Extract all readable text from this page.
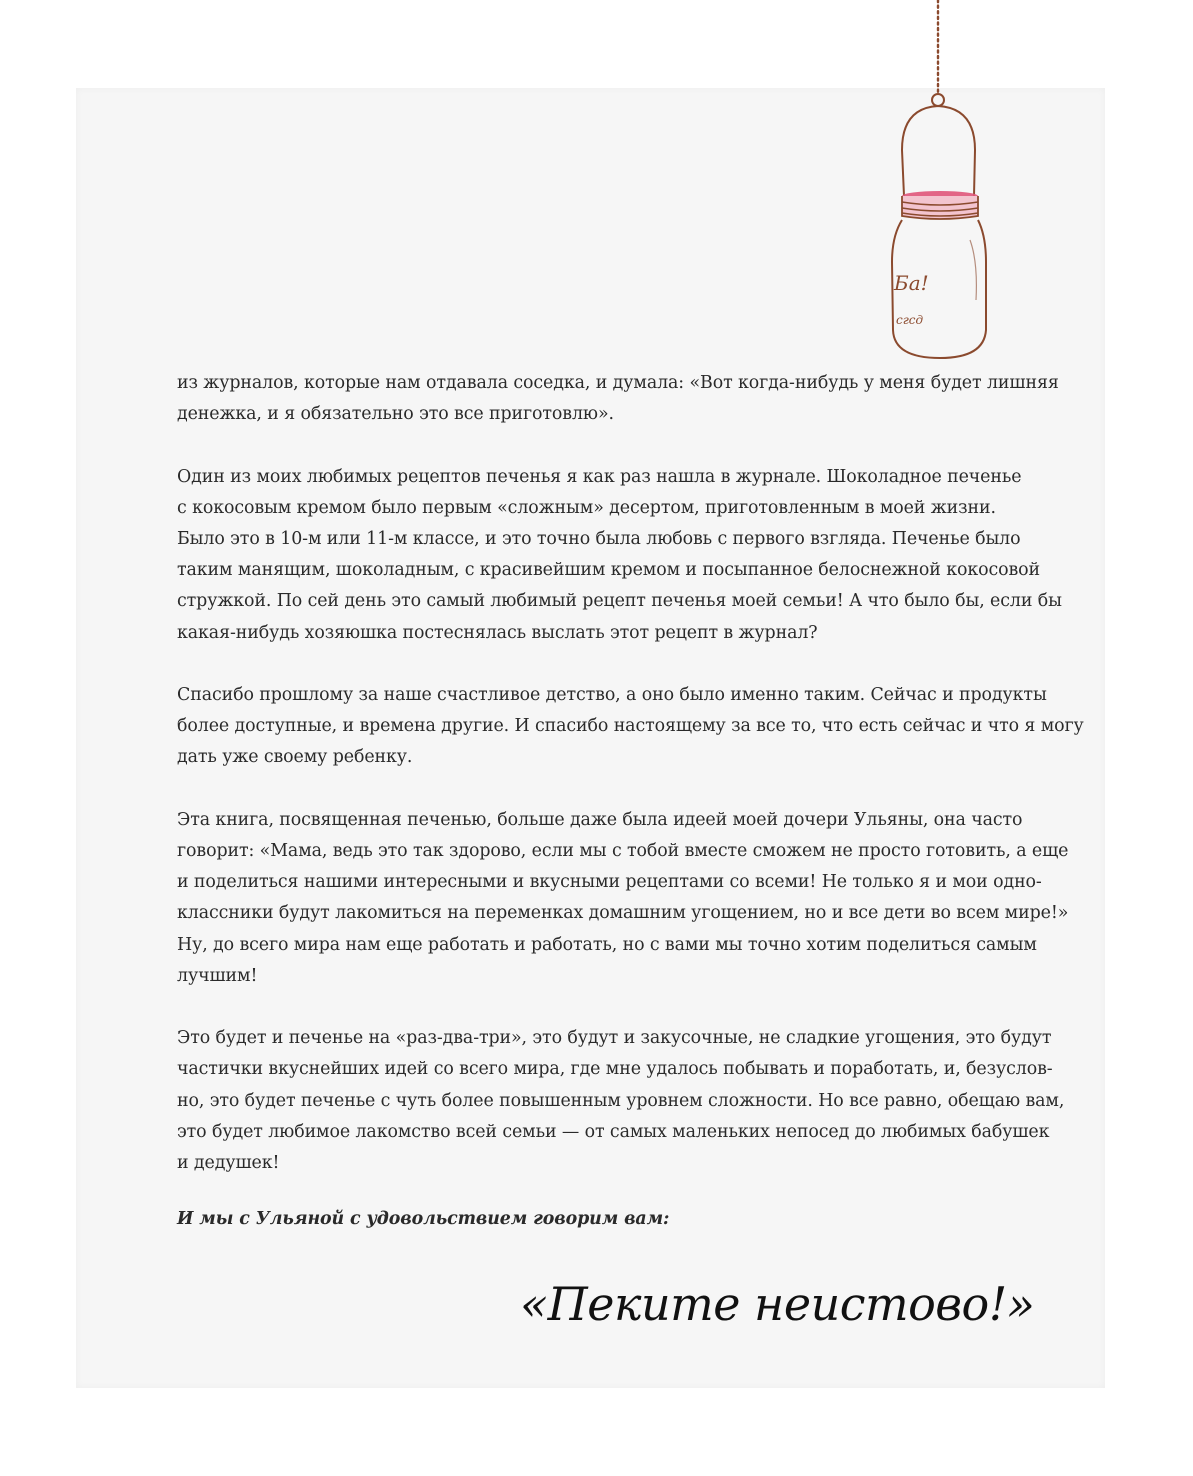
Ба!
сгсд

из журналов, которые нам отдавала соседка, и думала: «Вот когда-нибудь у меня будет лишняя
денежка, и я обязательно это все приготовлю».

Один из моих любимых рецептов печенья я как раз нашла в журнале. Шоколадное печенье
с кокосовым кремом было первым «сложным» десертом, приготовленным в моей жизни.
Было это в 10-м или 11-м классе, и это точно была любовь с первого взгляда. Печенье было
таким манящим, шоколадным, с красивейшим кремом и посыпанное белоснежной кокосовой
стружкой. По сей день это самый любимый рецепт печенья моей семьи! А что было бы, если бы
какая-нибудь хозяюшка постеснялась выслать этот рецепт в журнал?

Спасибо прошлому за наше счастливое детство, а оно было именно таким. Сейчас и продукты
более доступные, и времена другие. И спасибо настоящему за все то, что есть сейчас и что я могу
дать уже своему ребенку.

Эта книга, посвященная печенью, больше даже была идеей моей дочери Ульяны, она часто
говорит: «Мама, ведь это так здорово, если мы с тобой вместе сможем не просто готовить, а еще
и поделиться нашими интересными и вкусными рецептами со всеми! Не только я и мои одно-
классники будут лакомиться на переменках домашним угощением, но и все дети во всем мире!»
Ну, до всего мира нам еще работать и работать, но с вами мы точно хотим поделиться самым
лучшим!

Это будет и печенье на «раз-два-три», это будут и закусочные, не сладкие угощения, это будут
частички вкуснейших идей со всего мира, где мне удалось побывать и поработать, и, безуслов-
но, это будет печенье с чуть более повышенным уровнем сложности. Но все равно, обещаю вам,
это будет любимое лакомство всей семьи — от самых маленьких непосед до любимых бабушек
и дедушек!

И мы с Ульяной с удовольствием говорим вам:

«Пеките неистово!»
